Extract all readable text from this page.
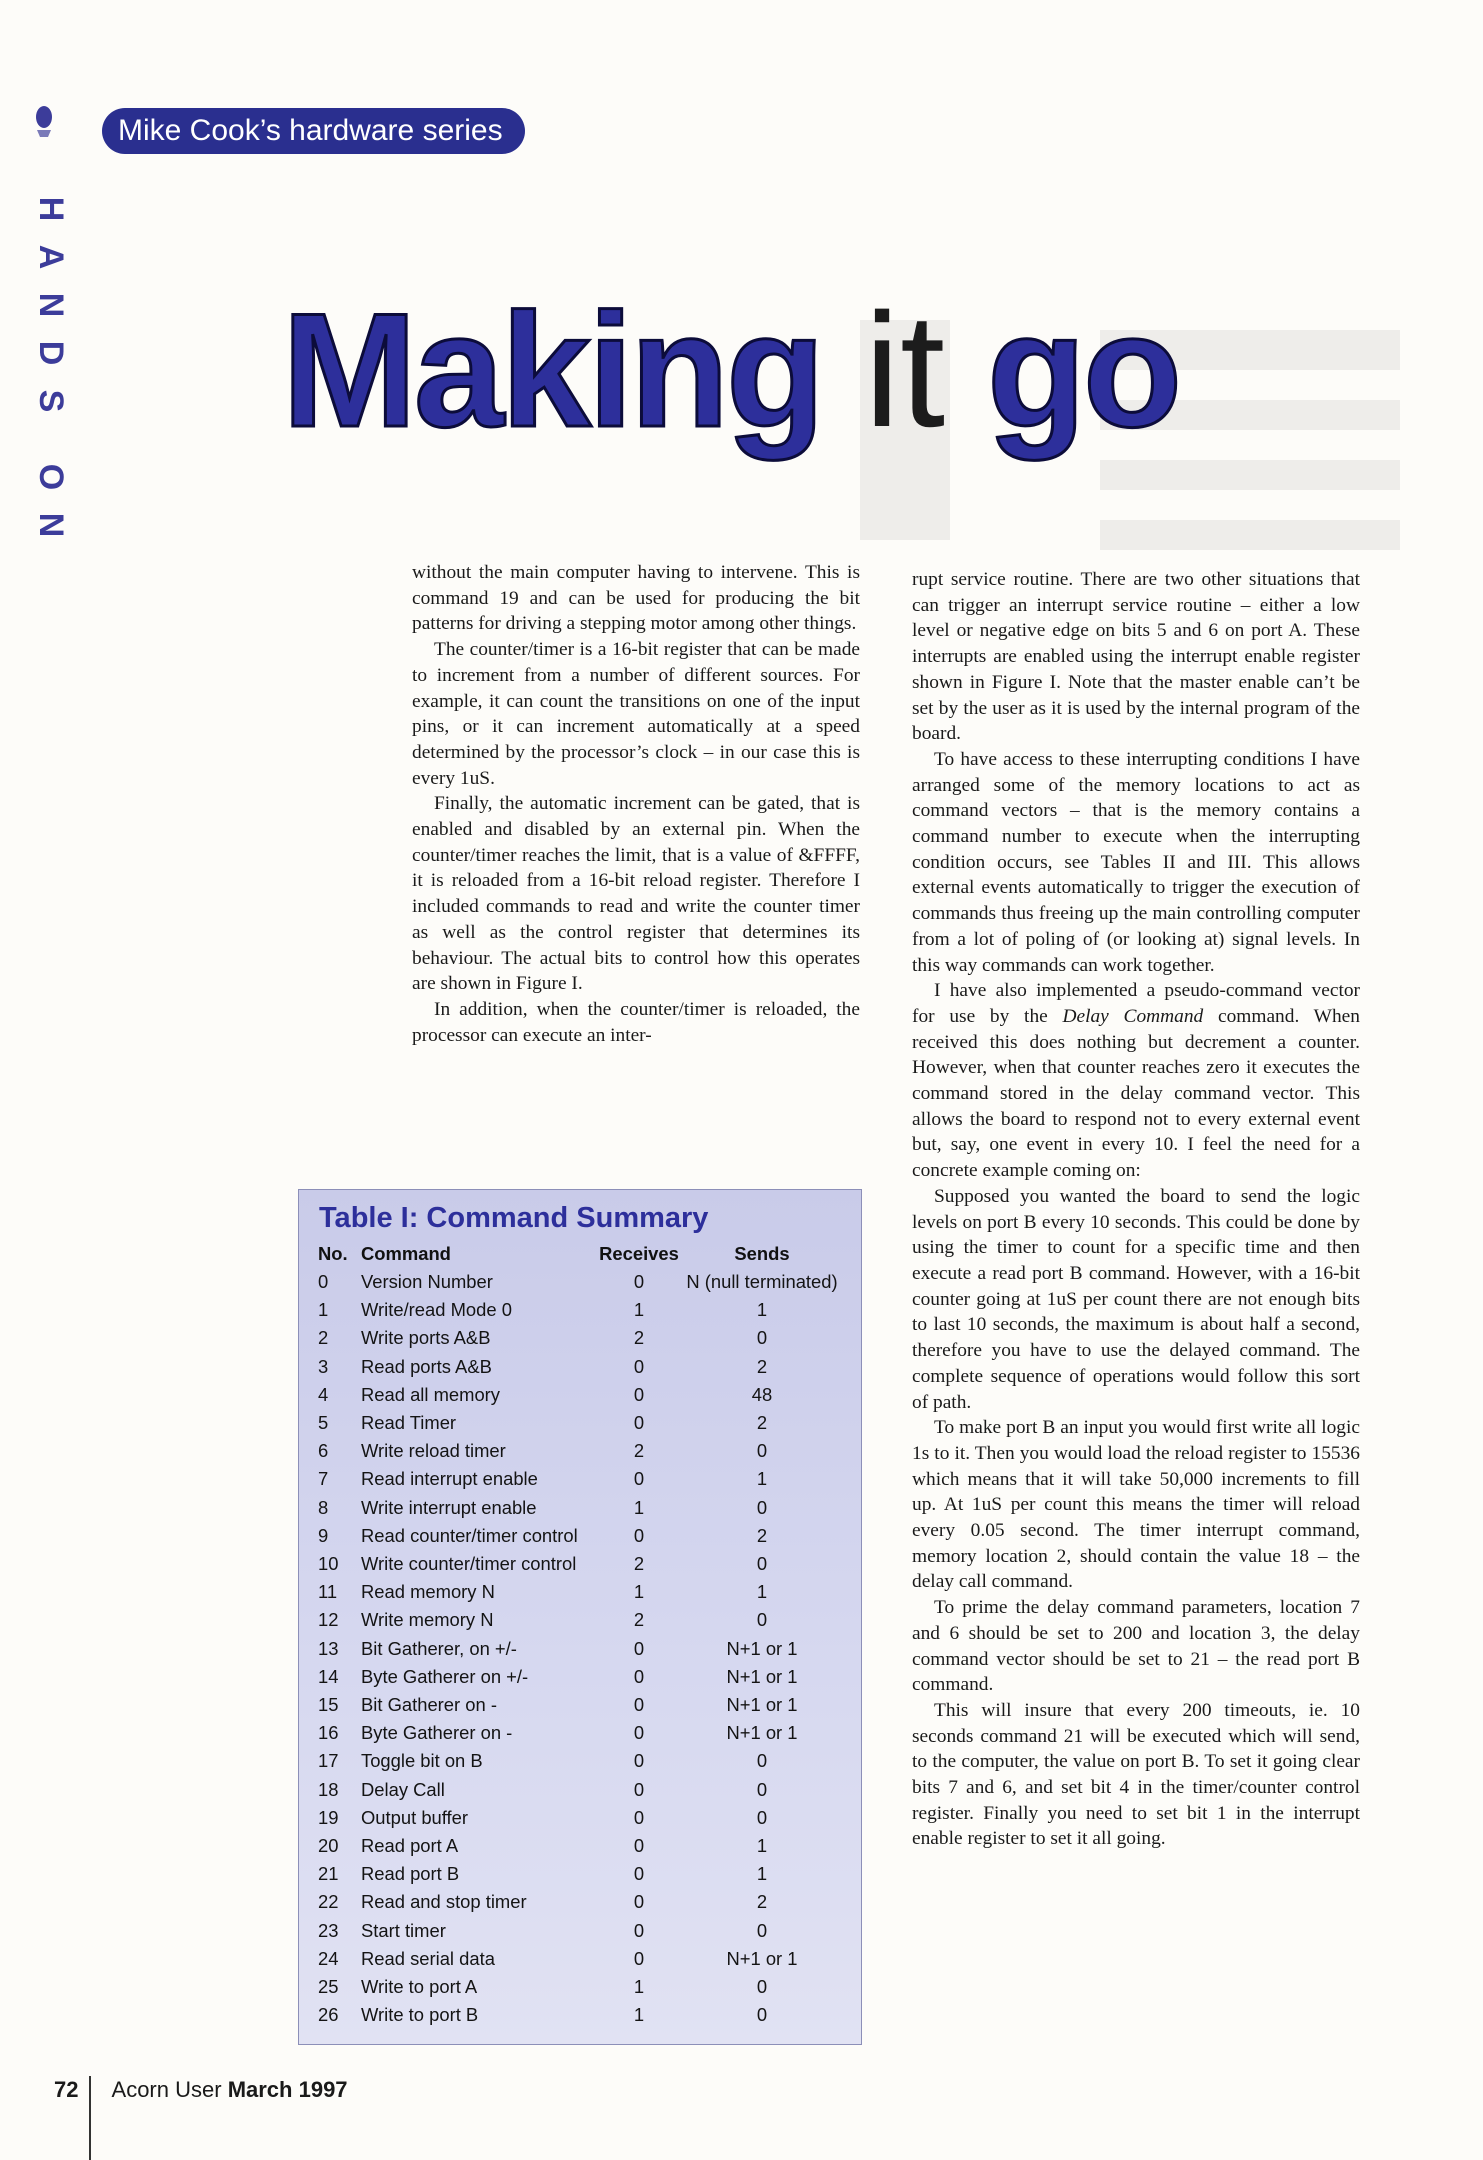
H
A
N
D
S
O
N
Mike Cook’s hardware series
Making it go

without the main computer having to intervene. This is command 19 and can be used for producing the bit patterns for driving a stepping motor among other things.

The counter/timer is a 16-bit register that can be made to increment from a number of different sources. For example, it can count the transitions on one of the input pins, or it can increment automatically at a speed determined by the processor’s clock – in our case this is every 1uS.

Finally, the automatic increment can be gated, that is enabled and disabled by an external pin. When the counter/timer reaches the limit, that is a value of &FFFF, it is reloaded from a 16-bit reload register. Therefore I included commands to read and write the counter timer as well as the control register that determines its behaviour. The actual bits to control how this operates are shown in Figure I.

In addition, when the counter/timer is reloaded, the processor can execute an inter-

rupt service routine. There are two other situations that can trigger an interrupt service routine – either a low level or negative edge on bits 5 and 6 on port A. These interrupts are enabled using the interrupt enable register shown in Figure I. Note that the master enable can’t be set by the user as it is used by the internal program of the board.

To have access to these interrupting conditions I have arranged some of the memory locations to act as command vectors – that is the memory contains a command number to execute when the interrupting condition occurs, see Tables II and III. This allows external events automatically to trigger the execution of commands thus freeing up the main controlling computer from a lot of poling of (or looking at) signal levels. In this way commands can work together.

I have also implemented a pseudo-command vector for use by the Delay Command command. When received this does nothing but decrement a counter. However, when that counter reaches zero it executes the command stored in the delay command vector. This allows the board to respond not to every external event but, say, one event in every 10. I feel the need for a concrete example coming on:

Supposed you wanted the board to send the logic levels on port B every 10 seconds. This could be done by using the timer to count for a specific time and then execute a read port B command. However, with a 16-bit counter going at 1uS per count there are not enough bits to last 10 seconds, the maximum is about half a second, therefore you have to use the delayed command. The complete sequence of operations would follow this sort of path.

To make port B an input you would first write all logic 1s to it. Then you would load the reload register to 15536 which means that it will take 50,000 increments to fill up. At 1uS per count this means the timer will reload every 0.05 second. The timer interrupt command, memory location 2, should contain the value 18 – the delay call command.

To prime the delay command parameters, location 7 and 6 should be set to 200 and location 3, the delay command vector should be set to 21 – the read port B command.

This will insure that every 200 timeouts, ie. 10 seconds command 21 will be executed which will send, to the computer, the value on port B. To set it going clear bits 7 and 6, and set bit 4 in the timer/counter control register. Finally you need to set bit 1 in the interrupt enable register to set it all going.

Table I: Command Summary
No. Command	Receives	Sends
0 Version Number	0	N (null terminated)
1 Write/read Mode 0	1	1
2 Write ports A&B	2	0
3 Read ports A&B	0	2
4 Read all memory	0	48
5 Read Timer	0	2
6 Write reload timer	2	0
7 Read interrupt enable	0	1
8 Write interrupt enable	1	0
9 Read counter/timer control	0	2
10 Write counter/timer control	2	0
11 Read memory N	1	1
12 Write memory N	2	0
13 Bit Gatherer, on +/-	0	N+1 or 1
14 Byte Gatherer on +/-	0	N+1 or 1
15 Bit Gatherer on -	0	N+1 or 1
16 Byte Gatherer on -	0	N+1 or 1
17 Toggle bit on B	0	0
18 Delay Call	0	0
19 Output buffer	0	0
20 Read port A	0	1
21 Read port B	0	1
22 Read and stop timer	0	2
23 Start timer	0	0
24 Read serial data	0	N+1 or 1
25 Write to port A	1	0
26 Write to port B	1	0
72 Acorn User March 1997
